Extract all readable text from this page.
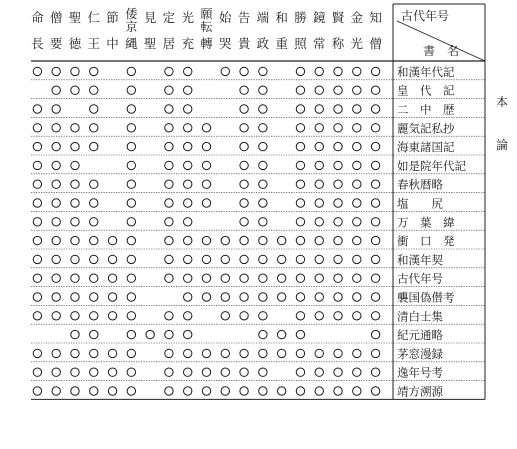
古代年号
書　名
命
長
僧
要
聖
徳
仁
王
節
中
倭
京
縄
見
聖
定
居
光
充
願
転
轉
始
哭
告
貴
端
政
和
重
勝
照
鏡
常
賢
称
金
光
知
僧
和漢年代記
皇　代　記
二　中　歴
麗気記私抄
海東諸国記
如是院年代記
春秋暦略
塩　　尻
万　葉　緯
衝　口　発
和漢年契
古代年号
襲国偽僣考
清白士集
紀元通略
茅窓漫録
逸年号考
靖方溯源
本
論
